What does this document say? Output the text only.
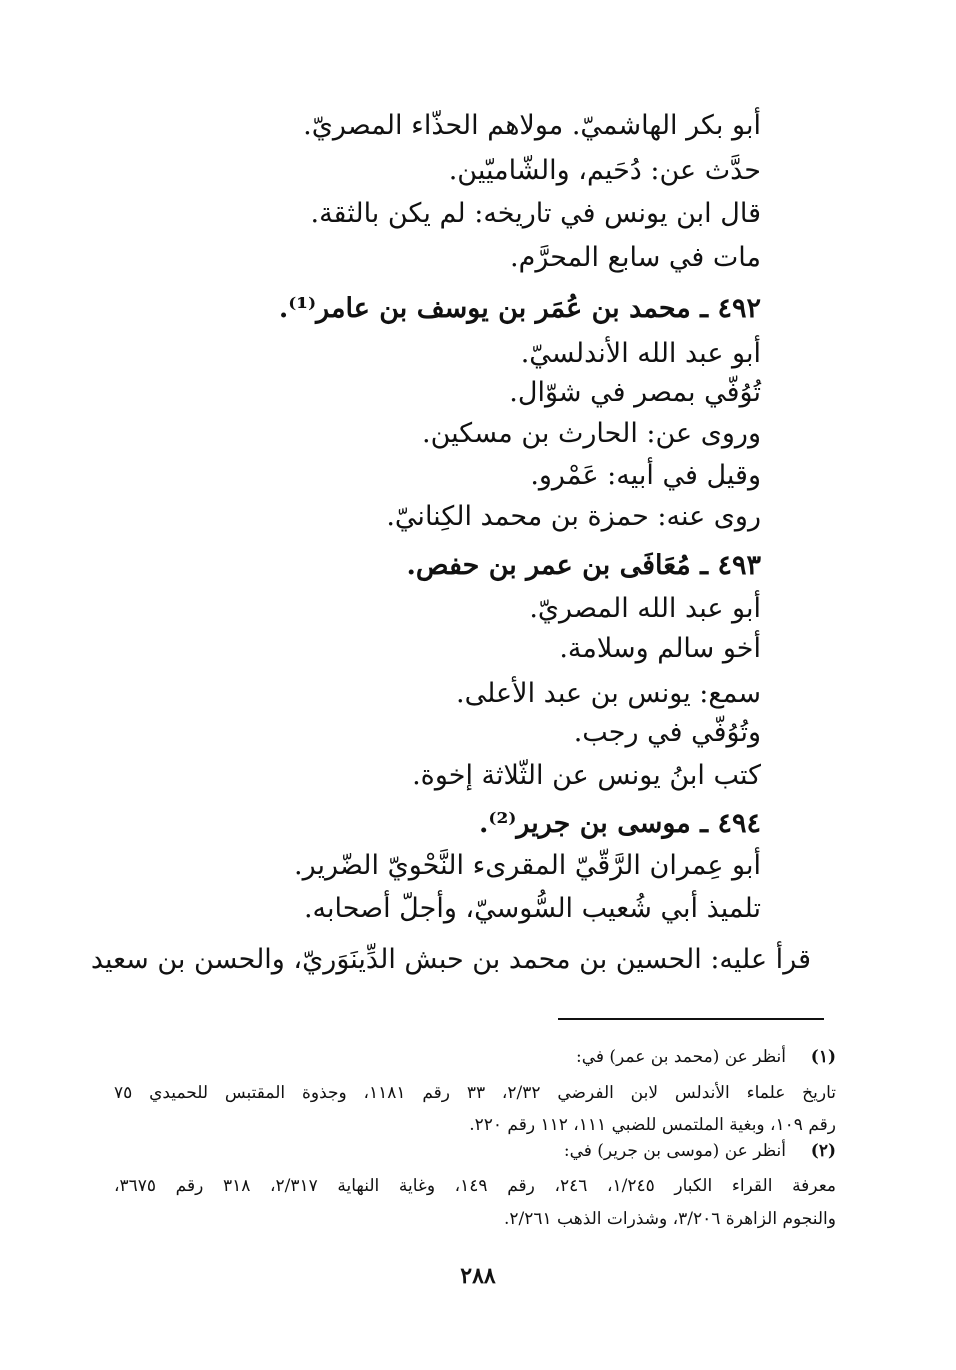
أبو بكر الهاشميّ. مولاهم الحذّاء المصريّ.
حدَّث عن: دُحَيم، والشّاميّين.
قال ابن يونس في تاريخه: لم يكن بالثقة.
مات في سابع المحرَّم.
٤٩٢ ـ محمد بن عُمَر بن يوسف بن عامر⁽¹⁾.
أبو عبد الله الأندلسيّ.
تُوُفّي بمصر في شوّال.
وروى عن: الحارث بن مسكين.
وقيل في أبيه: عَمْرو.
روى عنه: حمزة بن محمد الكِنانيّ.
٤٩٣ ـ مُعَافَى بن عمر بن حفص.
أبو عبد الله المصريّ.
أخو سالم وسلامة.
سمع: يونس بن عبد الأعلى.
وتُوُفّي في رجب.
كتب ابنُ يونس عن الثّلاثة إخوة.
٤٩٤ ـ موسى بن جرير⁽²⁾.
أبو عِمران الرَّقّيّ المقرىء النَّحْويّ الضّرير.
تلميذ أبي شُعيب السُّوسيّ، وأجلّ أصحابه.
قرأ عليه: الحسين بن محمد بن حبش الدِّينَوَريّ، والحسن بن سعيد
(١)
أنظر عن (محمد بن عمر) في:
تاريخ علماء الأندلس لابن الفرضي ٢/٣٢، ٣٣ رقم ١١٨١، وجذوة المقتبس للحميدي ٧٥
رقم ١٠٩، وبغية الملتمس للضبي ١١١، ١١٢ رقم ٢٢٠.
(٢)
أنظر عن (موسى بن جرير) في:
معرفة القراء الكبار ١/٢٤٥، ٢٤٦، رقم ١٤٩، وغاية النهاية ٢/٣١٧، ٣١٨ رقم ٣٦٧٥،
والنجوم الزاهرة ٣/٢٠٦، وشذرات الذهب ٢/٢٦١.
٢٨٨
